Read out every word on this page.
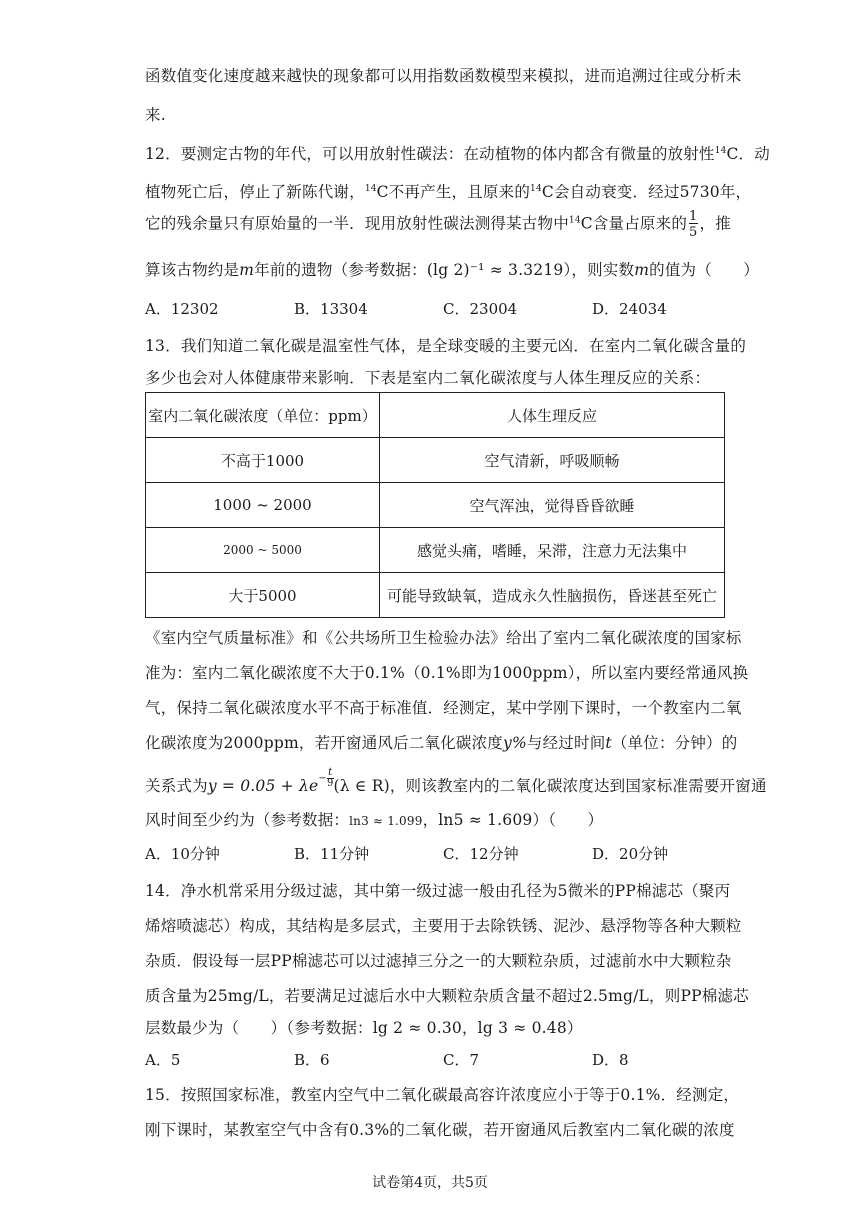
函数值变化速度越来越快的现象都可以用指数函数模型来模拟，进而追溯过往或分析未
来.
12．要测定古物的年代，可以用放射性碳法：在动植物的体内都含有微量的放射性$^{14}$C．动
植物死亡后，停止了新陈代谢，$^{14}$C不再产生，且原来的$^{14}$C会自动衰变．经过5730年，
它的残余量只有原始量的一半．现用放射性碳法测得某古物中$^{14}$C含量占原来的 $\frac{1}{5}$ ，推
算该古物约是m年前的遗物（参考数据：(lg 2)⁻¹ ≈ 3.3219），则实数m的值为（　　）
A．12302	B．13304	C．23004	D．24034
13．我们知道二氧化碳是温室性气体，是全球变暖的主要元凶．在室内二氧化碳含量的
多少也会对人体健康带来影响．下表是室内二氧化碳浓度与人体生理反应的关系：
室内二氧化碳浓度（单位：ppm）	人体生理反应
不高于1000	空气清新，呼吸顺畅
1000 ~ 2000	空气浑浊，觉得昏昏欲睡
2000 ~ 5000	感觉头痛，嗜睡，呆滞，注意力无法集中
大于5000	可能导致缺氧，造成永久性脑损伤，昏迷甚至死亡
《室内空气质量标准》和《公共场所卫生检验办法》给出了室内二氧化碳浓度的国家标
准为：室内二氧化碳浓度不大于0.1%（0.1%即为1000ppm），所以室内要经常通风换
气，保持二氧化碳浓度水平不高于标准值．经测定，某中学刚下课时，一个教室内二氧
化碳浓度为2000ppm，若开窗通风后二氧化碳浓度y%与经过时间t（单位：分钟）的
关系式为$y = 0.05 + \lambda e- \frac{t}{9} (\lambda$ ∈ R)，则该教室内的二氧化碳浓度达到国家标准需要开窗通
风时间至少约为（参考数据：ln3 ≈ 1.099，ln5 ≈ 1.609）（　　）
A．10分钟	B．11分钟	C．12分钟	D．20分钟
14．净水机常采用分级过滤，其中第一级过滤一般由孔径为5微米的PP棉滤芯（聚丙
烯熔喷滤芯）构成，其结构是多层式，主要用于去除铁锈、泥沙、悬浮物等各种大颗粒
杂质．假设每一层PP棉滤芯可以过滤掉三分之一的大颗粒杂质，过滤前水中大颗粒杂
质含量为25mg/L，若要满足过滤后水中大颗粒杂质含量不超过2.5mg/L，则PP棉滤芯
层数最少为（　　）（参考数据：lg 2 ≈ 0.30，lg 3 ≈ 0.48）
A．5	B．6	C．7	D．8
15．按照国家标准，教室内空气中二氧化碳最高容许浓度应小于等于0.1%．经测定，
刚下课时，某教室空气中含有0.3%的二氧化碳，若开窗通风后教室内二氧化碳的浓度
试卷第4页，共5页
